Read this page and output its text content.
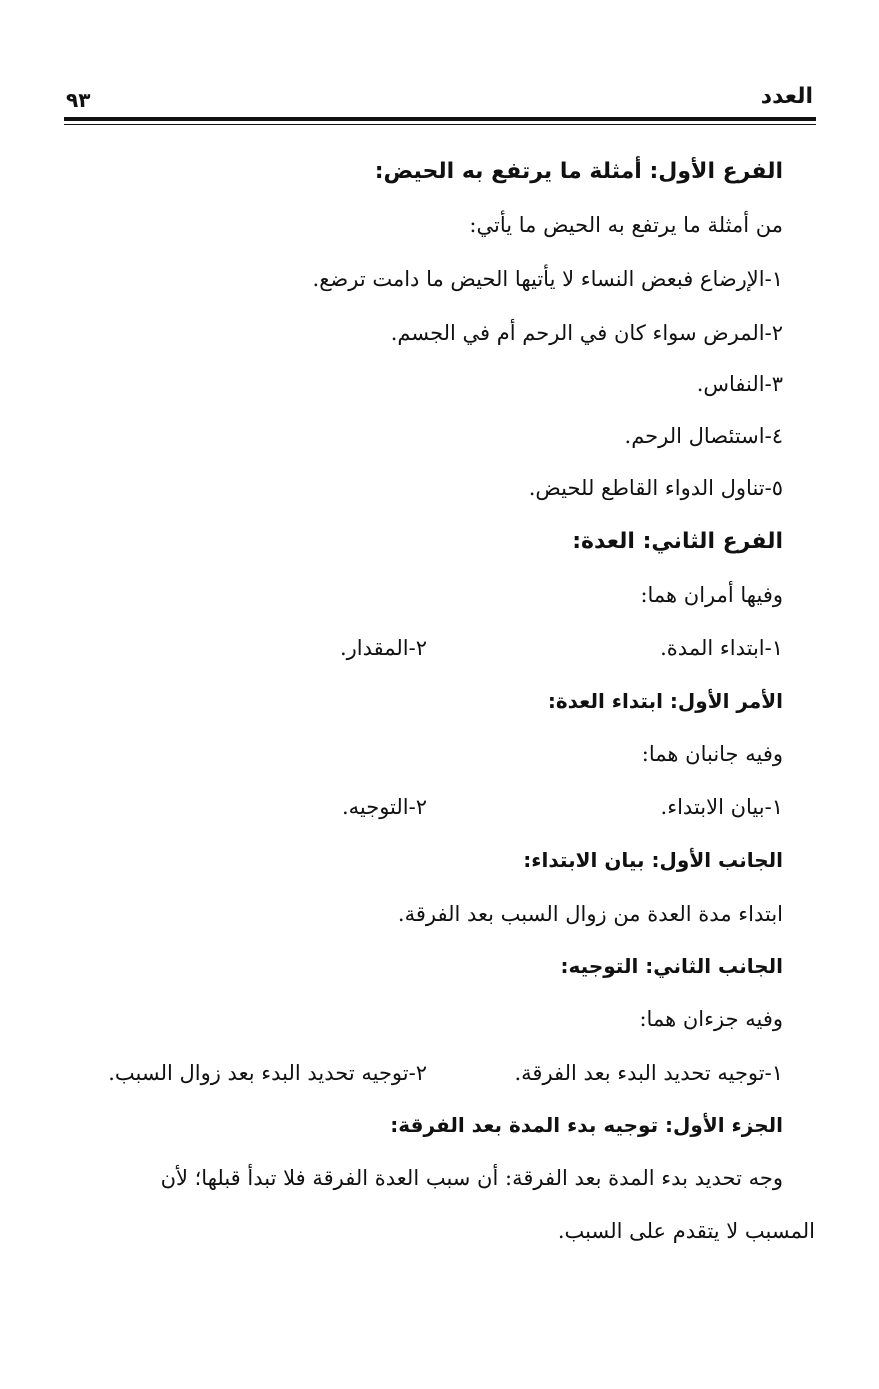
العدد
٩٣
الفرع الأول: أمثلة ما يرتفع به الحيض:
من أمثلة ما يرتفع به الحيض ما يأتي:
١-الإرضاع فبعض النساء لا يأتيها الحيض ما دامت ترضع.
٢-المرض سواء كان في الرحم أم في الجسم.
٣-النفاس.
٤-استئصال الرحم.
٥-تناول الدواء القاطع للحيض.
الفرع الثاني: العدة:
وفيها أمران هما:
١-ابتداء المدة.
٢-المقدار.
الأمر الأول: ابتداء العدة:
وفيه جانبان هما:
١-بيان الابتداء.
٢-التوجيه.
الجانب الأول: بيان الابتداء:
ابتداء مدة العدة من زوال السبب بعد الفرقة.
الجانب الثاني: التوجيه:
وفيه جزءان هما:
١-توجيه تحديد البدء بعد الفرقة.
٢-توجيه تحديد البدء بعد زوال السبب.
الجزء الأول: توجيه بدء المدة بعد الفرقة:
وجه تحديد بدء المدة بعد الفرقة: أن سبب العدة الفرقة فلا تبدأ قبلها؛ لأن
المسبب لا يتقدم على السبب.
